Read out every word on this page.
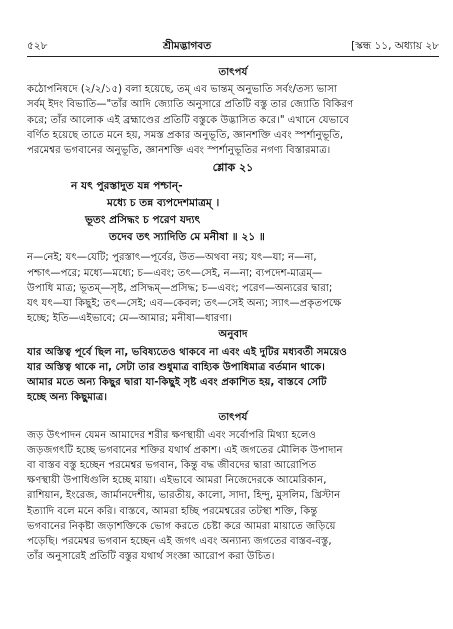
৫২৮	শ্রীমদ্ভাগবত	[স্কন্ধ ১১, অধ্যায় ২৮
তাৎপর্য
কঠোপনিষদে (২/২/১৫) বলা হয়েছে, তম্ এব ভান্তম্ অনুভাতি সর্বং/তস্য ভাসা
সর্বম্ ইদং বিভাতি—"তাঁর আদি জ্যোতি অনুসারে প্রতিটি বস্তু তার জ্যোতি বিকিরণ
করে; তাঁর আলোক এই ব্রহ্মাণ্ডের প্রতিটি বস্তুকে উদ্ভাসিত করে।" এখানে যেভাবে
বর্ণিত হয়েছে তাতে মনে হয়, সমস্ত প্রকার অনুভূতি, জ্ঞানশক্তি এবং স্পর্শানুভূতি,
পরমেশ্বর ভগবানের অনুভূতি, জ্ঞানশক্তি এবং স্পর্শানুভূতির নগণ্য বিস্তারমাত্র।
শ্লোক ২১
ন যৎ পুরস্তাদুত যন্ন পশ্চান্-
মধ্যে চ তন্ন ব্যপদেশমাত্রম্ ।
ভূতং প্রসিদ্ধং চ পরেণ যদ্যৎ
তদেব তৎ স্যাদিতি মে মনীষা ॥ ২১ ॥
ন—নেই; যৎ—যেটি; পুরস্তাৎ—পূর্বের, উত—অথবা নয়; যৎ—যা; ন—না,
পশ্চাৎ—পরে; মধ্যে—মধ্যে; চ—এবং; তৎ—সেই, ন—না; ব্যপদেশ-মাত্রম্—
উপাধি মাত্র; ভূতম্—সৃষ্ট, প্রসিদ্ধম্—প্রসিদ্ধ; চ—এবং; পরেণ—অন্যরের দ্বারা;
যৎ যৎ—যা কিছুই; তৎ—সেই; এব—কেবল; তৎ—সেই অন্য; স্যাৎ—প্রকৃতপক্ষে
হচ্ছে; ইতি—এইভাবে; মে—আমার; মনীষা—ধারণা।
অনুবাদ
যার অস্তিত্ব পূর্বে ছিল না, ভবিষ্যতেও থাকবে না এবং এই দুটির মধ্যবর্তী সময়েও
যার অস্তিত্ব থাকে না, সেটা তার শুধুমাত্র বাহ্যিক উপাধিমাত্র বর্তমান থাকে।
আমার মতে অন্য কিছুর দ্বারা যা-কিছুই সৃষ্ট এবং প্রকাশিত হয়, বাস্তবে সেটি
হচ্ছে অন্য কিছুমাত্র।
তাৎপর্য
জড় উৎপাদন যেমন আমাদের শরীর ক্ষণস্থায়ী এবং সর্বোপরি মিথ্যা হলেও
জড়জগৎটি হচ্ছে ভগবানের শক্তির যথার্থ প্রকাশ। এই জগতের মৌলিক উপাদান
বা বাস্তব বস্তু হচ্ছেন পরমেশ্বর ভগবান, কিন্তু বদ্ধ জীবদের দ্বারা আরোপিত
ক্ষণস্থায়ী উপাধিগুলি হচ্ছে মায়া। এইভাবে আমরা নিজেদেরকে আমেরিকান,
রাশিয়ান, ইংরেজ, জার্মানদেশীয়, ভারতীয়, কালো, সাদা, হিন্দু, মুসলিম, খ্রিস্টান
ইত্যাদি বলে মনে করি। বাস্তবে, আমরা হচ্ছি পরমেশ্বরের তটস্থা শক্তি, কিন্তু
ভগবানের নিকৃষ্টা জড়াশক্তিকে ভোগ করতে চেষ্টা করে আমরা মায়াতে জড়িয়ে
পড়েছি। পরমেশ্বর ভগবান হচ্ছেন এই জগৎ এবং অন্যান্য জগতের বাস্তব-বস্তু,
তাঁর অনুসারেই প্রতিটি বস্তুর যথার্থ সংজ্ঞা আরোপ করা উচিত।
